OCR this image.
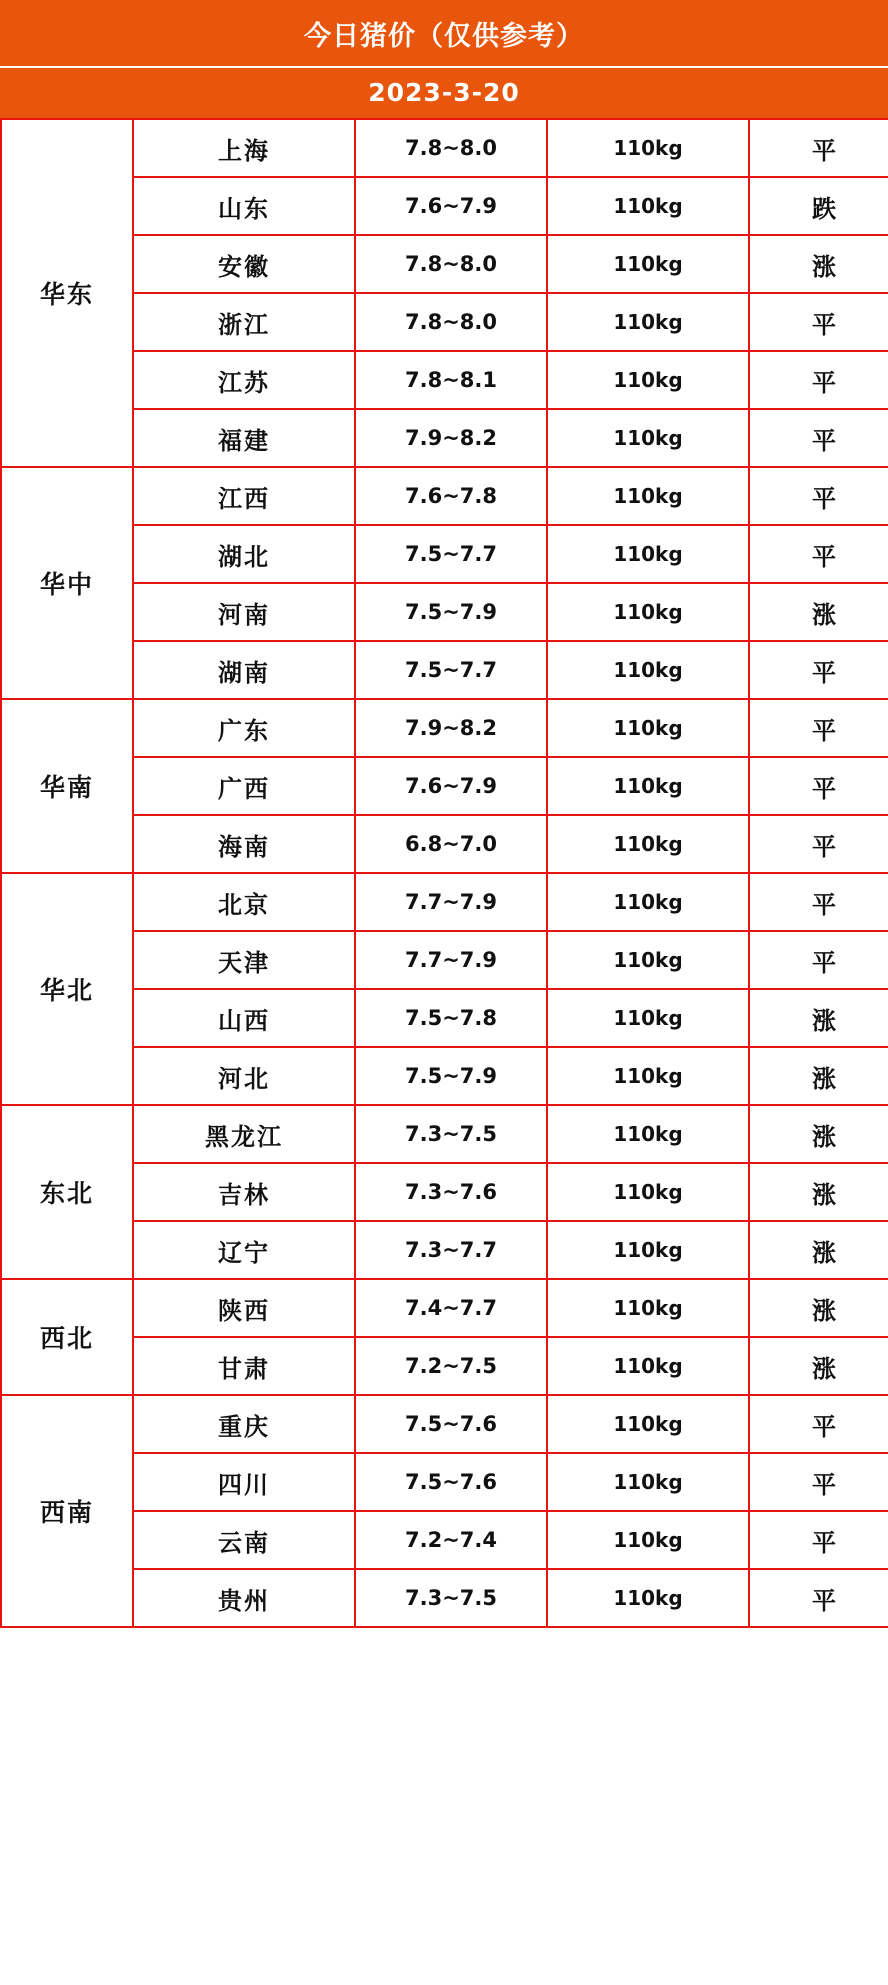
今日猪价（仅供参考）
2023-3-20
华东	上海	7.8~8.0	110kg	平
	山东	7.6~7.9	110kg	跌
	安徽	7.8~8.0	110kg	涨
	浙江	7.8~8.0	110kg	平
	江苏	7.8~8.1	110kg	平
	福建	7.9~8.2	110kg	平
华中	江西	7.6~7.8	110kg	平
	湖北	7.5~7.7	110kg	平
	河南	7.5~7.9	110kg	涨
	湖南	7.5~7.7	110kg	平
华南	广东	7.9~8.2	110kg	平
	广西	7.6~7.9	110kg	平
	海南	6.8~7.0	110kg	平
华北	北京	7.7~7.9	110kg	平
	天津	7.7~7.9	110kg	平
	山西	7.5~7.8	110kg	涨
	河北	7.5~7.9	110kg	涨
东北	黑龙江	7.3~7.5	110kg	涨
	吉林	7.3~7.6	110kg	涨
	辽宁	7.3~7.7	110kg	涨
西北	陕西	7.4~7.7	110kg	涨
	甘肃	7.2~7.5	110kg	涨
西南	重庆	7.5~7.6	110kg	平
	四川	7.5~7.6	110kg	平
	云南	7.2~7.4	110kg	平
	贵州	7.3~7.5	110kg	平
